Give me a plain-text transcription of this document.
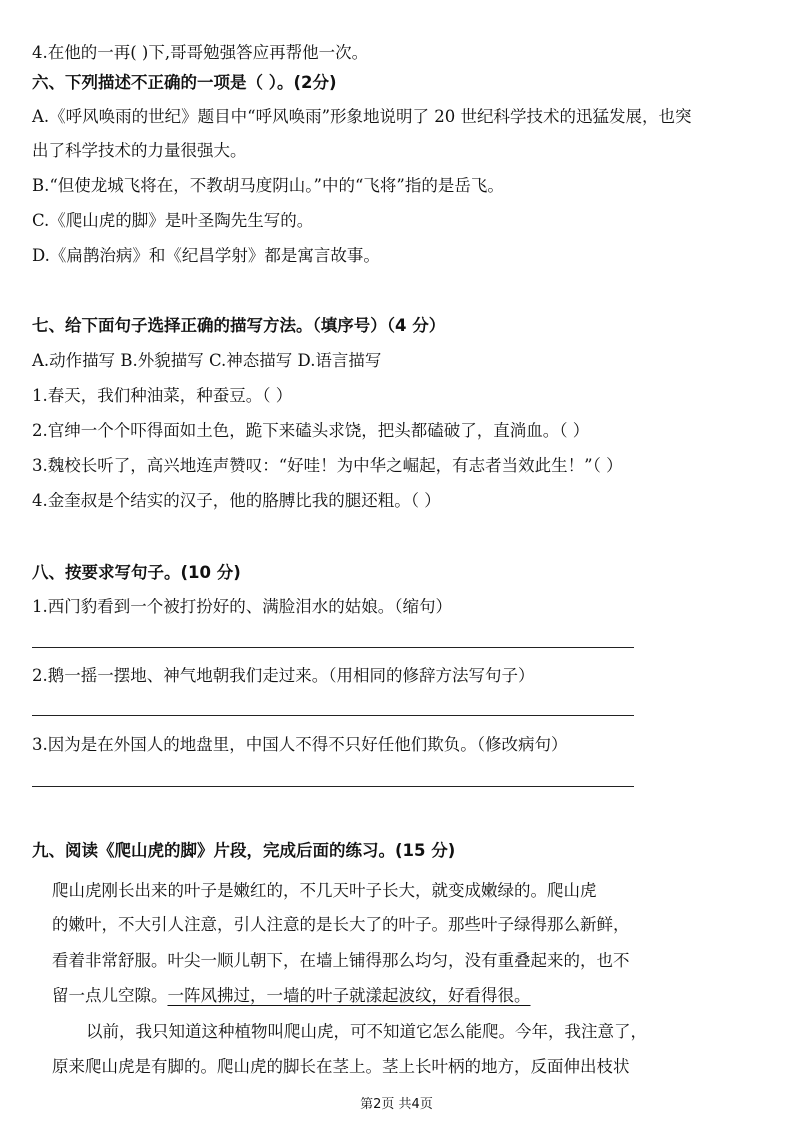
4.在他的一再( )下,哥哥勉强答应再帮他一次。
六、下列描述不正确的一项是（ ）。(2分)
A.《呼风唤雨的世纪》题目中“呼风唤雨”形象地说明了 20 世纪科学技术的迅猛发展，也突
出了科学技术的力量很强大。
B.“但使龙城飞将在，不教胡马度阴山。”中的“飞将”指的是岳飞。
C.《爬山虎的脚》是叶圣陶先生写的。
D.《扁鹊治病》和《纪昌学射》都是寓言故事。
七、给下面句子选择正确的描写方法。（填序号）（4 分）
A.动作描写 B.外貌描写 C.神态描写 D.语言描写
1.春天，我们种油菜，种蚕豆。（ ）
2.官绅一个个吓得面如土色，跪下来磕头求饶，把头都磕破了，直淌血。（ ）
3.魏校长听了，高兴地连声赞叹：“好哇！为中华之崛起，有志者当效此生！”（ ）
4.金奎叔是个结实的汉子，他的胳膊比我的腿还粗。（ ）
八、按要求写句子。(10 分)
1.西门豹看到一个被打扮好的、满脸泪水的姑娘。（缩句）
2.鹅一摇一摆地、神气地朝我们走过来。（用相同的修辞方法写句子）
3.因为是在外国人的地盘里，中国人不得不只好任他们欺负。（修改病句）
九、阅读《爬山虎的脚》片段，完成后面的练习。(15 分)
爬山虎刚长出来的叶子是嫩红的，不几天叶子长大，就变成嫩绿的。爬山虎
的嫩叶，不大引人注意，引人注意的是长大了的叶子。那些叶子绿得那么新鲜，
看着非常舒服。叶尖一顺儿朝下，在墙上铺得那么均匀，没有重叠起来的，也不
留一点儿空隙。一阵风拂过，一墙的叶子就漾起波纹，好看得很。
以前，我只知道这种植物叫爬山虎，可不知道它怎么能爬。今年，我注意了，
原来爬山虎是有脚的。爬山虎的脚长在茎上。茎上长叶柄的地方，反面伸出枝状
第2页 共4页
